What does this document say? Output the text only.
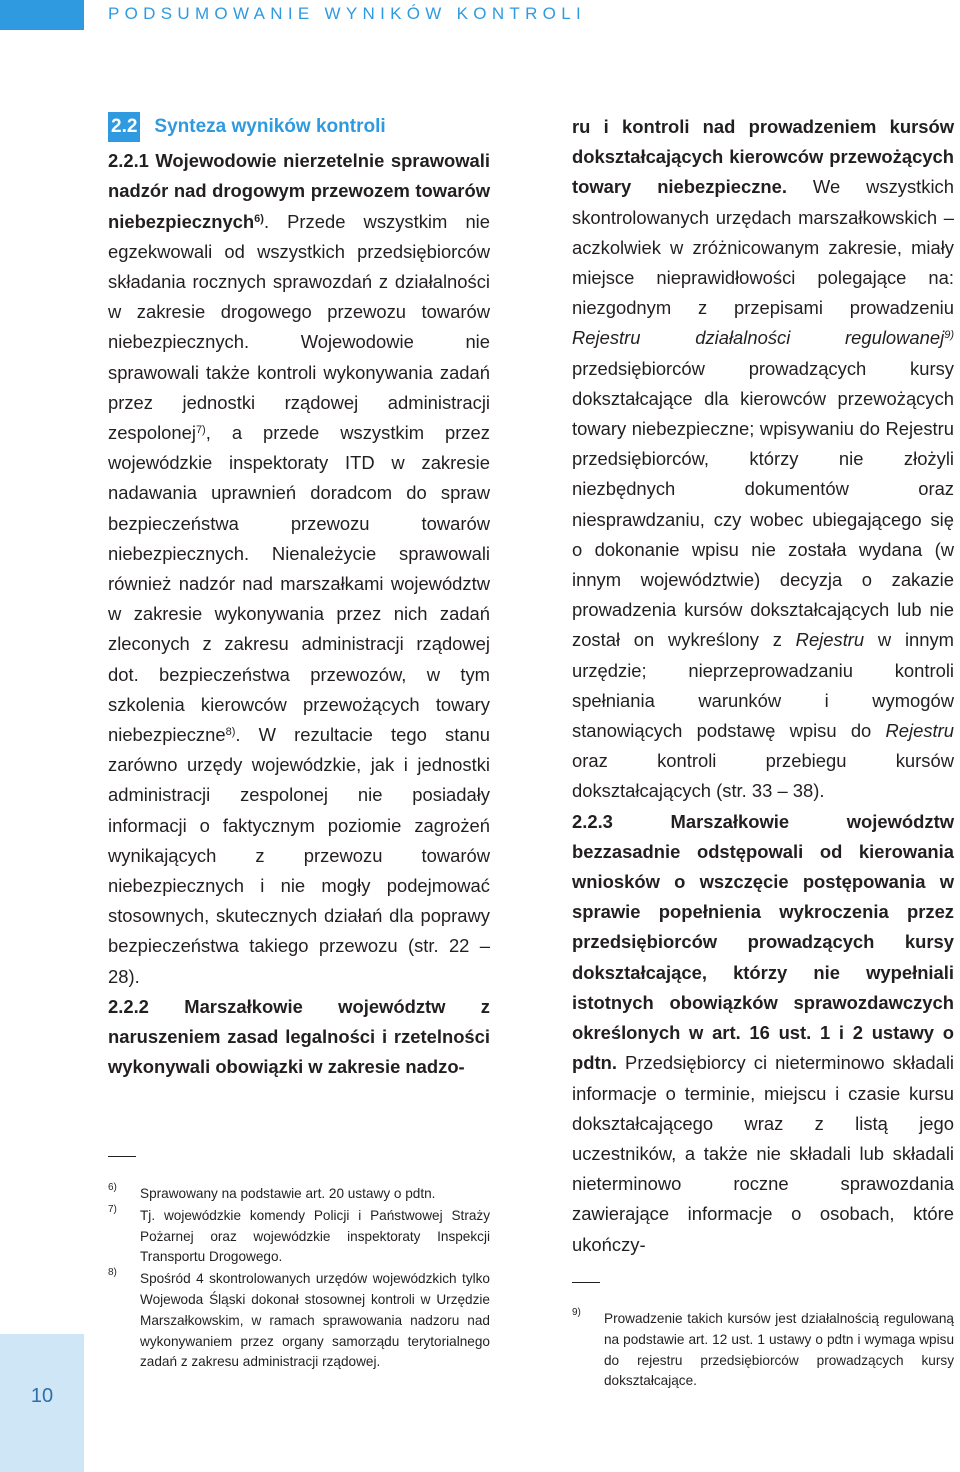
PODSUMOWANIE WYNIKÓW KONTROLI
10
2.2 Synteza wyników kontroli

2.2.1 Wojewodowie nierzetelnie sprawowali nadzór nad drogowym przewozem towarów niebezpiecznych$^{6)}$. Przede wszystkim nie egzekwowali od wszystkich przedsiębiorców składania rocznych sprawozdań z działalności w zakresie drogowego przewozu towarów niebezpiecznych. Wojewodowie nie sprawowali także kontroli wykonywania zadań przez jednostki rządowej administracji zespolonej$^{7)}$, a przede wszystkim przez wojewódzkie inspektoraty ITD w zakresie nadawania uprawnień doradcom do spraw bezpieczeństwa przewozu towarów niebezpiecznych. Nienależycie sprawowali również nadzór nad marszałkami województw w zakresie wykonywania przez nich zadań zleconych z zakresu administracji rządowej dot. bezpieczeństwa przewozów, w tym szkolenia kierowców przewożących towary niebezpieczne$^{8)}$. W rezultacie tego stanu zarówno urzędy wojewódzkie, jak i jednostki administracji zespolonej nie posiadały informacji o faktycznym poziomie zagrożeń wynikających z przewozu towarów niebezpiecznych i nie mogły podejmować stosownych, skutecznych działań dla poprawy bezpieczeństwa takiego przewozu (str. 22 – 28).

2.2.2 Marszałkowie województw z naruszeniem zasad legalności i rzetelności wykonywali obowiązki w zakresie nadzo-

ru i kontroli nad prowadzeniem kursów dokształcających kierowców przewożących towary niebezpieczne. We wszystkich skontrolowanych urzędach marszałkowskich – aczkolwiek w zróżnicowanym zakresie, miały miejsce nieprawidłowości polegające na: niezgodnym z przepisami prowadzeniu Rejestru działalności regulowanej$^{9)}$ przedsiębiorców prowadzących kursy dokształcające dla kierowców przewożących towary niebezpieczne; wpisywaniu do Rejestru przedsiębiorców, którzy nie złożyli niezbędnych dokumentów oraz niesprawdzaniu, czy wobec ubiegającego się o dokonanie wpisu nie została wydana (w innym województwie) decyzja o zakazie prowadzenia kursów dokształcających lub nie został on wykreślony z Rejestru w innym urzędzie; nieprzeprowadzaniu kontroli spełniania warunków i wymogów stanowiących podstawę wpisu do Rejestru oraz kontroli przebiegu kursów dokształcających (str. 33 – 38).

2.2.3 Marszałkowie województw bezzasadnie odstępowali od kierowania wniosków o wszczęcie postępowania w sprawie popełnienia wykroczenia przez przedsiębiorców prowadzących kursy dokształcające, którzy nie wypełniali istotnych obowiązków sprawozdawczych określonych w art. 16 ust. 1 i 2 ustawy o pdtn. Przedsiębiorcy ci nieterminowo składali informacje o terminie, miejscu i czasie kursu dokształcającego wraz z listą jego uczestników, a także nie składali lub składali nieterminowo roczne sprawozdania zawierające informacje o osobach, które ukończy-

6) Sprawowany na podstawie art. 20 ustawy o pdtn.
7) Tj. wojewódzkie komendy Policji i Państwowej Straży Pożarnej oraz wojewódzkie inspektoraty Inspekcji Transportu Drogowego.
8) Spośród 4 skontrolowanych urzędów wojewódzkich tylko Wojewoda Śląski dokonał stosownej kontroli w Urzędzie Marszałkowskim, w ramach sprawowania nadzoru nad wykonywaniem przez organy samorządu terytorialnego zadań z zakresu administracji rządowej.
9) Prowadzenie takich kursów jest działalnością regulowaną na podstawie art. 12 ust. 1 ustawy o pdtn i wymaga wpisu do rejestru przedsiębiorców prowadzących kursy dokształcające.
